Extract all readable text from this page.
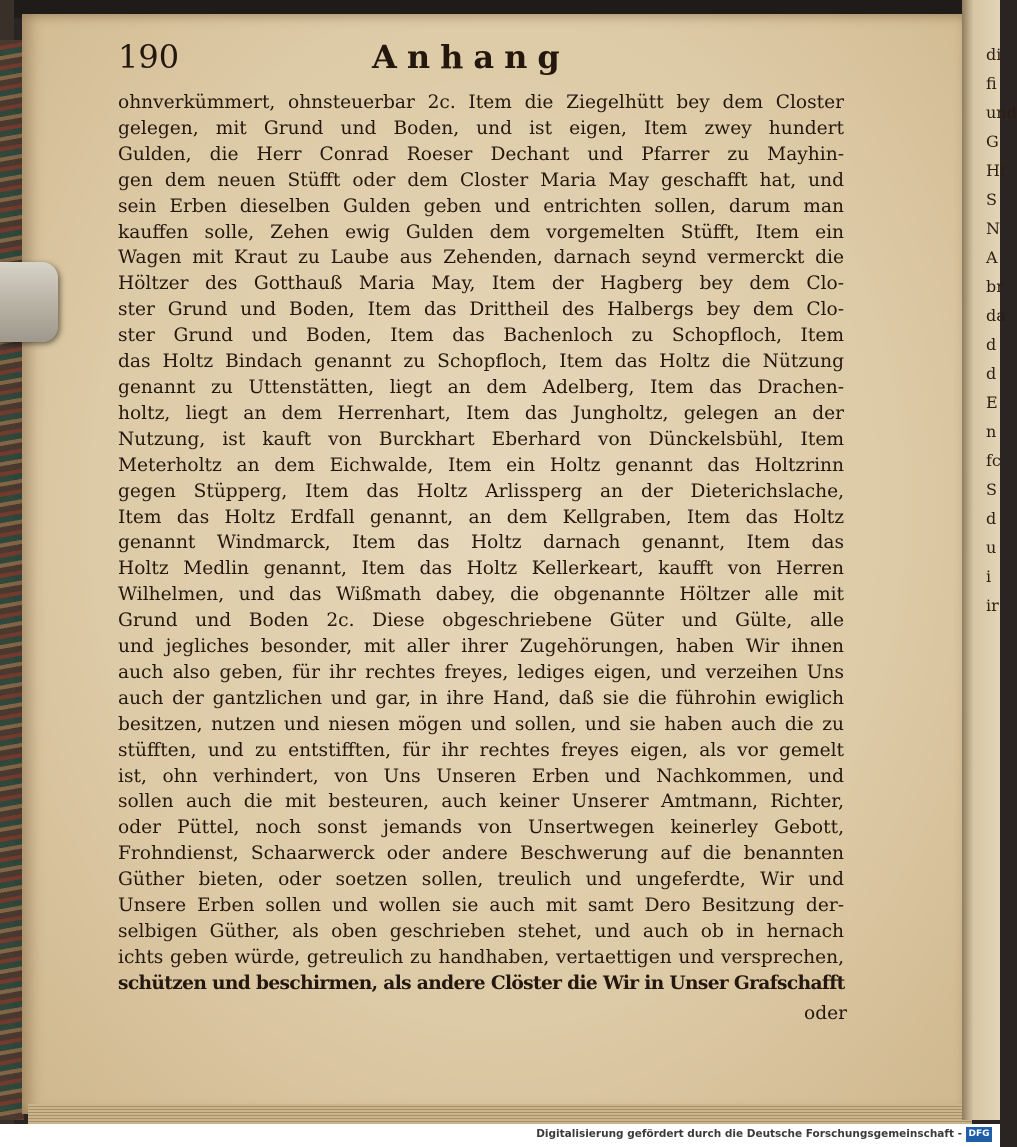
di
fi
und
G
Hi
S
N
A
br
da
d
d
E
n
fc
S
d
u
i
ir
190	Anhang
ohnverkümmert, ohnsteuerbar 2c. Item die Ziegelhütt bey dem Closter
gelegen, mit Grund und Boden, und ist eigen, Item zwey hundert
Gulden, die Herr Conrad Roeser Dechant und Pfarrer zu Mayhin-
gen dem neuen Stüfft oder dem Closter Maria May geschafft hat, und
sein Erben dieselben Gulden geben und entrichten sollen, darum man
kauffen solle, Zehen ewig Gulden dem vorgemelten Stüfft, Item ein
Wagen mit Kraut zu Laube aus Zehenden, darnach seynd vermerckt die
Höltzer des Gotthauß Maria May, Item der Hagberg bey dem Clo-
ster Grund und Boden, Item das Drittheil des Halbergs bey dem Clo-
ster Grund und Boden, Item das Bachenloch zu Schopfloch, Item
das Holtz Bindach genannt zu Schopfloch, Item das Holtz die Nützung
genannt zu Uttenstätten, liegt an dem Adelberg, Item das Drachen-
holtz, liegt an dem Herrenhart, Item das Jungholtz, gelegen an der
Nutzung, ist kauft von Burckhart Eberhard von Dünckelsbühl, Item
Meterholtz an dem Eichwalde, Item ein Holtz genannt das Holtzrinn
gegen Stüpperg, Item das Holtz Arlissperg an der Dieterichslache,
Item das Holtz Erdfall genannt, an dem Kellgraben, Item das Holtz
genannt Windmarck, Item das Holtz darnach genannt, Item das
Holtz Medlin genannt, Item das Holtz Kellerkeart, kaufft von Herren
Wilhelmen, und das Wißmath dabey, die obgenannte Höltzer alle mit
Grund und Boden 2c. Diese obgeschriebene Güter und Gülte, alle
und jegliches besonder, mit aller ihrer Zugehörungen, haben Wir ihnen
auch also geben, für ihr rechtes freyes, lediges eigen, und verzeihen Uns
auch der gantzlichen und gar, in ihre Hand, daß sie die führohin ewiglich
besitzen, nutzen und niesen mögen und sollen, und sie haben auch die zu
stüfften, und zu entstifften, für ihr rechtes freyes eigen, als vor gemelt
ist, ohn verhindert, von Uns Unseren Erben und Nachkommen, und
sollen auch die mit besteuren, auch keiner Unserer Amtmann, Richter,
oder Püttel, noch sonst jemands von Unsertwegen keinerley Gebott,
Frohndienst, Schaarwerck oder andere Beschwerung auf die benannten
Güther bieten, oder soetzen sollen, treulich und ungeferdte, Wir und
Unsere Erben sollen und wollen sie auch mit samt Dero Besitzung der-
selbigen Güther, als oben geschrieben stehet, und auch ob in hernach
ichts geben würde, getreulich zu handhaben, vertaettigen und versprechen,
schützen und beschirmen, als andere Clöster die Wir in Unser Grafschafft
oder
Digitalisierung gefördert durch die Deutsche Forschungsgemeinschaft - DFG
